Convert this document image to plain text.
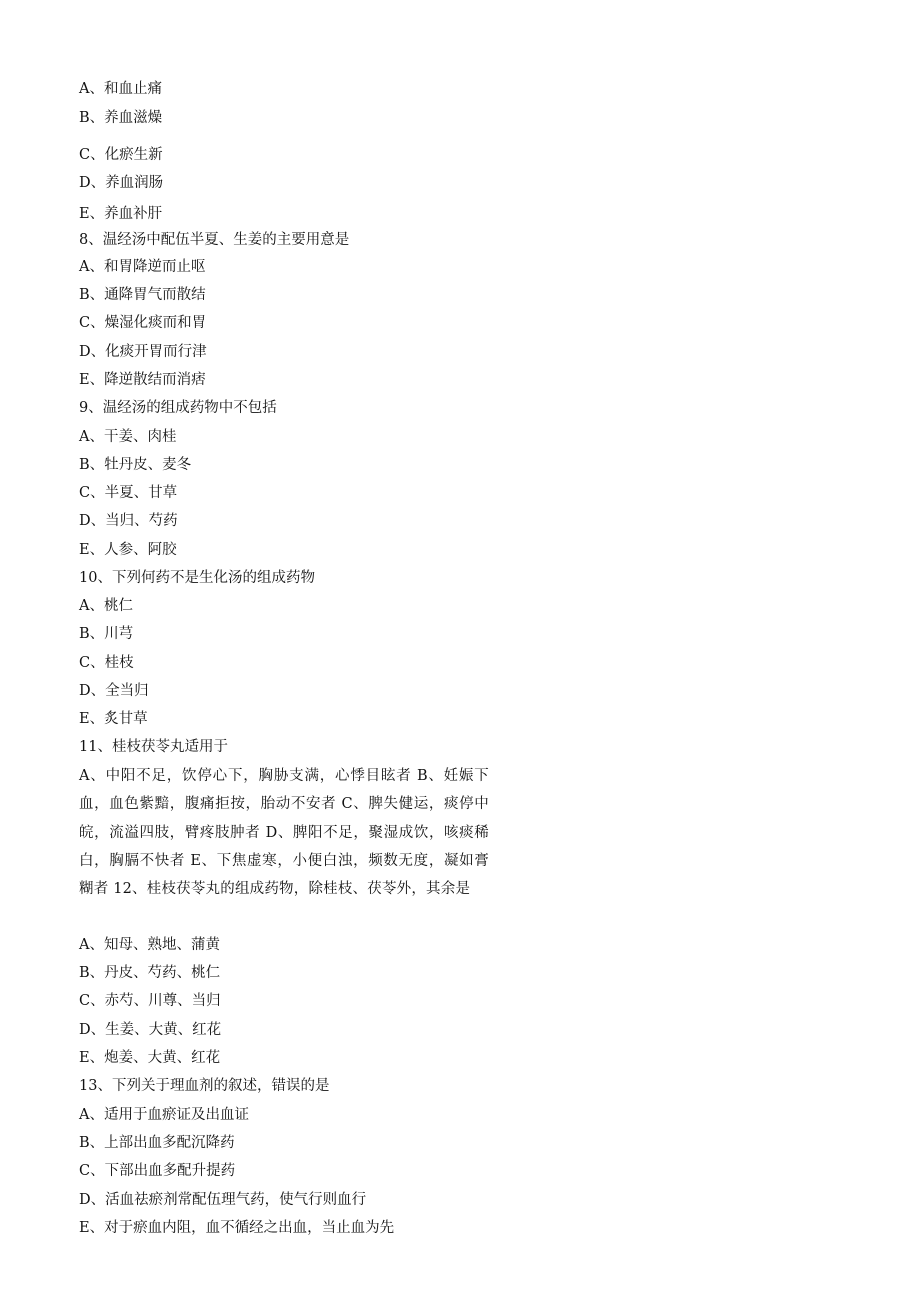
A、和血止痛
B、养血滋燥
C、化瘀生新
D、养血润肠
E、养血补肝
8、温经汤中配伍半夏、生姜的主要用意是
A、和胃降逆而止呕
B、通降胃气而散结
C、燥湿化痰而和胃
D、化痰开胃而行津
E、降逆散结而消痞
9、温经汤的组成药物中不包括
A、干姜、肉桂
B、牡丹皮、麦冬
C、半夏、甘草
D、当归、芍药
E、人参、阿胶
10、下列何药不是生化汤的组成药物
A、桃仁
B、川芎
C、桂枝
D、全当归
E、炙甘草
11、桂枝茯苓丸适用于
A、中阳不足，饮停心下，胸胁支满，心悸目眩者 B、妊娠下血，血色紫黯，腹痛拒按，胎动不安者 C、脾失健运，痰停中皖，流溢四肢，臂疼肢肿者 D、脾阳不足，聚湿成饮，咳痰稀白，胸膈不快者 E、下焦虚寒，小便白浊，频数无度，凝如膏糊者 12、桂枝茯苓丸的组成药物，除桂枝、茯苓外，其余是
A、知母、熟地、蒲黄
B、丹皮、芍药、桃仁
C、赤芍、川尊、当归
D、生姜、大黄、红花
E、炮姜、大黄、红花
13、下列关于理血剂的叙述，错误的是
A、适用于血瘀证及出血证
B、上部出血多配沉降药
C、下部出血多配升提药
D、活血祛瘀剂常配伍理气药，使气行则血行
E、对于瘀血内阻，血不循经之出血，当止血为先
